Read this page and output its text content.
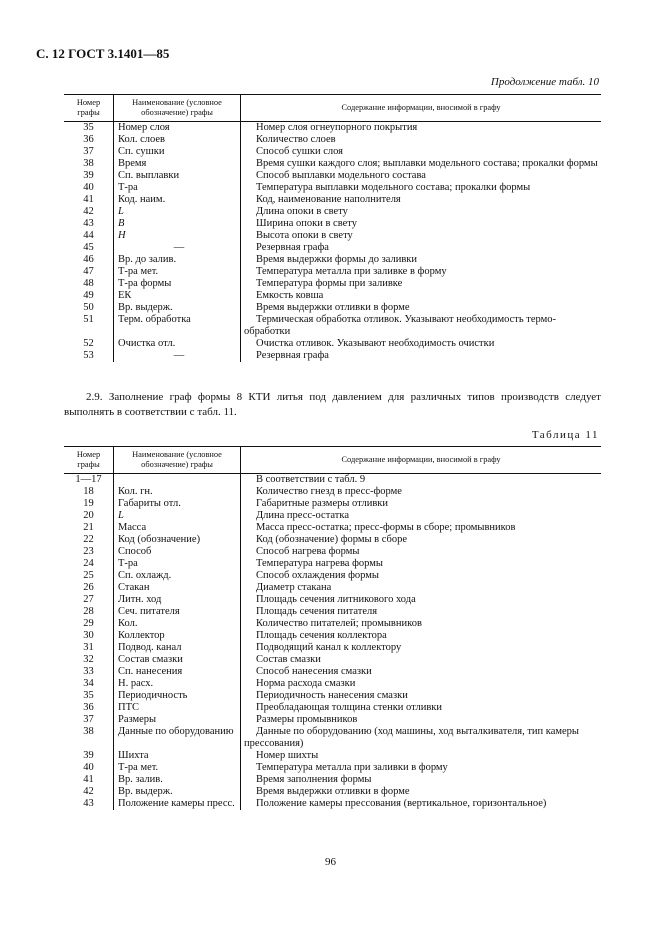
С. 12 ГОСТ 3.1401—85
Продолжение табл. 10
Номер графы	Наименование (условное обозначение) графы	Содержание информации, вносимой в графу
35	Номер слоя	Номер слоя огнеупорного покрытия
36	Кол. слоев	Количество слоев
37	Сп. сушки	Способ сушки слоя
38	Время	Время сушки каждого слоя; выплавки модельного состава; прокалки формы
39	Сп. выплавки	Способ выплавки модельного состава
40	Т-ра	Температура выплавки модельного состава; прокалки формы
41	Код. наим.	Код, наименование наполнителя
42	L	Длина опоки в свету
43	B	Ширина опоки в свету
44	H	Высота опоки в свету
45	—	Резервная графа
46	Вр. до залив.	Время выдержки формы до заливки
47	Т-ра мет.	Температура металла при заливке в форму
48	Т-ра формы	Температура формы при заливке
49	ЕК	Емкость ковша
50	Вр. выдерж.	Время выдержки отливки в форме
51	Терм. обработка	Термическая обработка отливок. Указывают необходимость термо-обработки
52	Очистка отл.	Очистка отливок. Указывают необходимость очистки
53	—	Резервная графа
2.9. Заполнение граф формы 8 КТИ литья под давлением для различных типов производств следует выполнять в соответствии с табл. 11.
Таблица 11
Номер графы	Наименование (условное обозначение) графы	Содержание информации, вносимой в графу
1—17		В соответствии с табл. 9
18	Кол. гн.	Количество гнезд в пресс-форме
19	Габариты отл.	Габаритные размеры отливки
20	L	Длина пресс-остатка
21	Масса	Масса пресс-остатка; пресс-формы в сборе; промывников
22	Код (обозначение)	Код (обозначение) формы в сборе
23	Способ	Способ нагрева формы
24	Т-ра	Температура нагрева формы
25	Сп. охлажд.	Способ охлаждения формы
26	Стакан	Диаметр стакана
27	Литн. ход	Площадь сечения литникового хода
28	Сеч. питателя	Площадь сечения питателя
29	Кол.	Количество питателей; промывников
30	Коллектор	Площадь сечения коллектора
31	Подвод. канал	Подводящий канал к коллектору
32	Состав смазки	Состав смазки
33	Сп. нанесения	Способ нанесения смазки
34	Н. расх.	Норма расхода смазки
35	Периодичность	Периодичность нанесения смазки
36	ПТС	Преобладающая толщина стенки отливки
37	Размеры	Размеры промывников
38	Данные по оборудованию	Данные по оборудованию (ход машины, ход выталкивателя, тип камеры прессования)
39	Шихта	Номер шихты
40	Т-ра мет.	Температура металла при заливки в форму
41	Вр. залив.	Время заполнения формы
42	Вр. выдерж.	Время выдержки отливки в форме
43	Положение камеры пресс.	Положение камеры прессования (вертикальное, горизонтальное)
96
